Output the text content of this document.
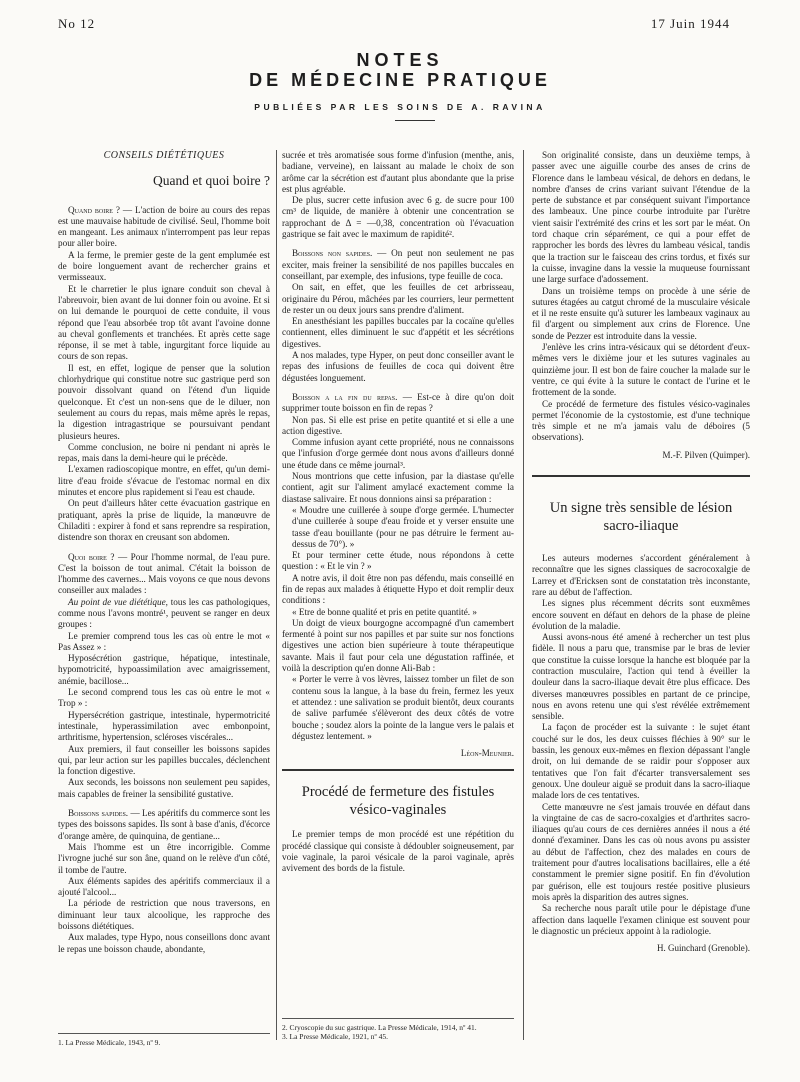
No 12	17 Juin 1944
NOTES
DE MÉDECINE PRATIQUE
PUBLIÉES PAR LES SOINS DE A. RAVINA
CONSEILS DIÉTÉTIQUES
Quand et quoi boire ?

Quand boire ? — L'action de boire au cours des repas est une mauvaise habitude de civilisé. Seul, l'homme boit en mangeant. Les animaux n'interrompent pas leur repas pour aller boire.

A la ferme, le premier geste de la gent emplumée est de boire longuement avant de rechercher grains et vermisseaux.

Et le charretier le plus ignare conduit son cheval à l'abreuvoir, bien avant de lui donner foin ou avoine. Et si on lui demande le pourquoi de cette conduite, il vous répond que l'eau absorbée trop tôt avant l'avoine donne au cheval gonflements et tranchées. Et après cette sage réponse, il se met à table, ingurgitant force liquide au cours de son repas.

Il est, en effet, logique de penser que la solution chlorhydrique qui constitue notre suc gastrique perd son pouvoir dissolvant quand on l'étend d'un liquide quelconque. Et c'est un non-sens que de le diluer, non seulement au cours du repas, mais même après le repas, la digestion intragastrique se poursuivant pendant plusieurs heures.

Comme conclusion, ne boire ni pendant ni après le repas, mais dans la demi-heure qui le précède.

L'examen radioscopique montre, en effet, qu'un demi-litre d'eau froide s'évacue de l'estomac normal en dix minutes et encore plus rapidement si l'eau est chaude.

On peut d'ailleurs hâter cette évacuation gastrique en pratiquant, après la prise de liquide, la manœuvre de Chiladiti : expirer à fond et sans reprendre sa respiration, distendre son thorax en creusant son abdomen.

Quoi boire ? — Pour l'homme normal, de l'eau pure. C'est la boisson de tout animal. C'était la boisson de l'homme des cavernes... Mais voyons ce que nous devons conseiller aux malades :

Au point de vue diététique, tous les cas pathologiques, comme nous l'avons montré¹, peuvent se ranger en deux groupes :

Le premier comprend tous les cas où entre le mot « Pas Assez » :

Hyposécrétion gastrique, hépatique, intestinale, hypomotricité, hypoassimilation avec amaigrissement, anémie, bacillose...

Le second comprend tous les cas où entre le mot « Trop » :

Hypersécrétion gastrique, intestinale, hypermotricité intestinale, hyperassimilation avec embonpoint, arthritisme, hypertension, scléroses viscérales...

Aux premiers, il faut conseiller les boissons sapides qui, par leur action sur les papilles buccales, déclenchent la fonction digestive.

Aux seconds, les boissons non seulement peu sapides, mais capables de freiner la sensibilité gustative.

Boissons sapides. — Les apéritifs du commerce sont les types des boissons sapides. Ils sont à base d'anis, d'écorce d'orange amère, de quinquina, de gentiane...

Mais l'homme est un être incorrigible. Comme l'ivrogne juché sur son âne, quand on le relève d'un côté, il tombe de l'autre.

Aux éléments sapides des apéritifs commerciaux il a ajouté l'alcool...

La période de restriction que nous traversons, en diminuant leur taux alcoolique, les rapproche des boissons diététiques.

Aux malades, type Hypo, nous conseillons donc avant le repas une boisson chaude, abondante,

1. La Presse Médicale, 1943, nº 9.

sucrée et très aromatisée sous forme d'infusion (menthe, anis, badiane, verveine), en laissant au malade le choix de son arôme car la sécrétion est d'autant plus abondante que la prise est plus agréable.

De plus, sucrer cette infusion avec 6 g. de sucre pour 100 cm³ de liquide, de manière à obtenir une concentration se rapprochant de Δ = —0,38, concentration où l'évacuation gastrique se fait avec le maximum de rapidité².

Boissons non sapides. — On peut non seulement ne pas exciter, mais freiner la sensibilité de nos papilles buccales en conseillant, par exemple, des infusions, type feuille de coca.

On sait, en effet, que les feuilles de cet arbrisseau, originaire du Pérou, mâchées par les courriers, leur permettent de rester un ou deux jours sans prendre d'aliment.

En anesthésiant les papilles buccales par la cocaïne qu'elles contiennent, elles diminuent le suc d'appétit et les sécrétions digestives.

A nos malades, type Hyper, on peut donc conseiller avant le repas des infusions de feuilles de coca qui doivent être dégustées longuement.

Boisson a la fin du repas. — Est-ce à dire qu'on doit supprimer toute boisson en fin de repas ?

Non pas. Si elle est prise en petite quantité et si elle a une action digestive.

Comme infusion ayant cette propriété, nous ne connaissons que l'infusion d'orge germée dont nous avons d'ailleurs donné une étude dans ce même journal³.

Nous montrions que cette infusion, par la diastase qu'elle contient, agit sur l'aliment amylacé exactement comme la diastase salivaire. Et nous donnions ainsi sa préparation :

« Moudre une cuillerée à soupe d'orge germée. L'humecter d'une cuillerée à soupe d'eau froide et y verser ensuite une tasse d'eau bouillante (pour ne pas détruire le ferment au-dessus de 70°). »

Et pour terminer cette étude, nous répondons à cette question : « Et le vin ? »

A notre avis, il doit être non pas défendu, mais conseillé en fin de repas aux malades à étiquette Hypo et doit remplir deux conditions :

« Etre de bonne qualité et pris en petite quantité. »

Un doigt de vieux bourgogne accompagné d'un camembert fermenté à point sur nos papilles et par suite sur nos fonctions digestives une action bien supérieure à toute thérapeutique savante. Mais il faut pour cela une dégustation raffinée, et voilà la description qu'en donne Ali-Bab :

« Porter le verre à vos lèvres, laissez tomber un filet de son contenu sous la langue, à la base du frein, fermez les yeux et attendez : une salivation se produit bientôt, deux courants de salive parfumée s'élèveront des deux côtés de votre bouche ; soudez alors la pointe de la langue vers le palais et dégustez lentement. »

Léon-Meunier.
Procédé de fermeture des fistules
vésico-vaginales

Le premier temps de mon procédé est une répétition du procédé classique qui consiste à dédoubler soigneusement, par voie vaginale, la paroi vésicale de la paroi vaginale, après avivement des bords de la fistule.

2. Cryoscopie du suc gastrique. La Presse Médicale, 1914, nº 41.
3. La Presse Médicale, 1921, nº 45.

Son originalité consiste, dans un deuxième temps, à passer avec une aiguille courbe des anses de crins de Florence dans le lambeau vésical, de dehors en dedans, le nombre d'anses de crins variant suivant l'étendue de la perte de substance et par conséquent suivant l'importance des lambeaux. Une pince courbe introduite par l'urètre vient saisir l'extrémité des crins et les sort par le méat. On tord chaque crin séparément, ce qui a pour effet de rapprocher les bords des lèvres du lambeau vésical, tandis que la traction sur le faisceau des crins tordus, et fixés sur la cuisse, invagine dans la vessie la muqueuse fournissant une large surface d'adossement.

Dans un troisième temps on procède à une série de sutures étagées au catgut chromé de la musculaire vésicale et il ne reste ensuite qu'à suturer les lambeaux vaginaux au fil d'argent ou simplement aux crins de Florence. Une sonde de Pezzer est introduite dans la vessie.

J'enlève les crins intra-vésicaux qui se détordent d'eux-mêmes vers le dixième jour et les sutures vaginales au quinzième jour. Il est bon de faire coucher la malade sur le ventre, ce qui évite à la suture le contact de l'urine et le frottement de la sonde.

Ce procédé de fermeture des fistules vésico-vaginales permet l'économie de la cystostomie, est d'une technique très simple et ne m'a jamais valu de déboires (5 observations).

M.-F. Pilven (Quimper).
Un signe très sensible de lésion
sacro-iliaque

Les auteurs modernes s'accordent généralement à reconnaître que les signes classiques de sacrocoxalgie de Larrey et d'Ericksen sont de constatation très inconstante, rare au début de l'affection.

Les signes plus récemment décrits sont euxmêmes encore souvent en défaut en dehors de la phase de pleine évolution de la maladie.

Aussi avons-nous été amené à rechercher un test plus fidèle. Il nous a paru que, transmise par le bras de levier que constitue la cuisse lorsque la hanche est bloquée par la contraction musculaire, l'action qui tend à éveiller la douleur dans la sacro-iliaque devait être plus efficace. Des diverses manœuvres possibles en partant de ce principe, nous en avons retenu une qui s'est révélée extrêmement sensible.

La façon de procéder est la suivante : le sujet étant couché sur le dos, les deux cuisses fléchies à 90° sur le bassin, les genoux eux-mêmes en flexion dépassant l'angle droit, on lui demande de se raidir pour s'opposer aux tentatives que l'on fait d'écarter transversalement ses genoux. Une douleur aiguë se produit dans la sacro-iliaque malade lors de ces tentatives.

Cette manœuvre ne s'est jamais trouvée en défaut dans la vingtaine de cas de sacro-coxalgies et d'arthrites sacro-iliaques qu'au cours de ces dernières années il nous a été donné d'examiner. Dans les cas où nous avons pu assister au début de l'affection, chez des malades en cours de traitement pour d'autres localisations bacillaires, elle a été constamment le premier signe positif. En fin d'évolution par guérison, elle est toujours restée positive plusieurs mois après la disparition des autres signes.

Sa recherche nous paraît utile pour le dépistage d'une affection dans laquelle l'examen clinique est souvent pour le diagnostic un précieux appoint à la radiologie.

H. Guinchard (Grenoble).
